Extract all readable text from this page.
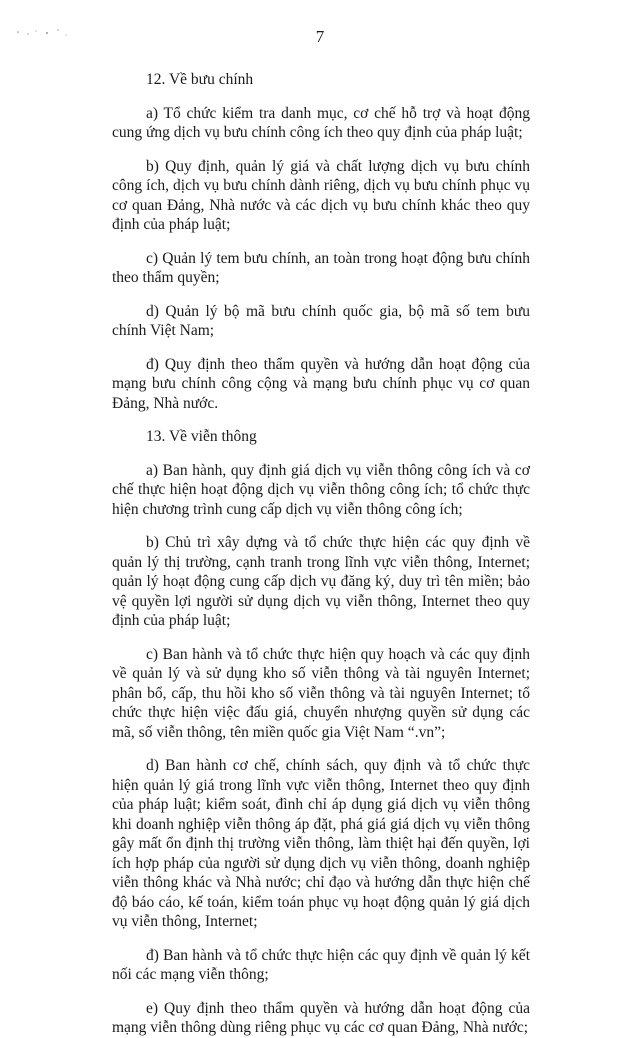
7

12. Về bưu chính

a) Tổ chức kiểm tra danh mục, cơ chế hỗ trợ và hoạt động cung ứng dịch vụ bưu chính công ích theo quy định của pháp luật;

b) Quy định, quản lý giá và chất lượng dịch vụ bưu chính công ích, dịch vụ bưu chính dành riêng, dịch vụ bưu chính phục vụ cơ quan Đảng, Nhà nước và các dịch vụ bưu chính khác theo quy định của pháp luật;

c) Quản lý tem bưu chính, an toàn trong hoạt động bưu chính theo thẩm quyền;

d) Quản lý bộ mã bưu chính quốc gia, bộ mã số tem bưu chính Việt Nam;

đ) Quy định theo thẩm quyền và hướng dẫn hoạt động của mạng bưu chính công cộng và mạng bưu chính phục vụ cơ quan Đảng, Nhà nước.

13. Về viễn thông

a) Ban hành, quy định giá dịch vụ viễn thông công ích và cơ chế thực hiện hoạt động dịch vụ viễn thông công ích; tổ chức thực hiện chương trình cung cấp dịch vụ viễn thông công ích;

b) Chủ trì xây dựng và tổ chức thực hiện các quy định về quản lý thị trường, cạnh tranh trong lĩnh vực viễn thông, Internet; quản lý hoạt động cung cấp dịch vụ đăng ký, duy trì tên miền; bảo vệ quyền lợi người sử dụng dịch vụ viễn thông, Internet theo quy định của pháp luật;

c) Ban hành và tổ chức thực hiện quy hoạch và các quy định về quản lý và sử dụng kho số viễn thông và tài nguyên Internet; phân bổ, cấp, thu hồi kho số viễn thông và tài nguyên Internet; tổ chức thực hiện việc đấu giá, chuyển nhượng quyền sử dụng các mã, số viễn thông, tên miền quốc gia Việt Nam “.vn”;

d) Ban hành cơ chế, chính sách, quy định và tổ chức thực hiện quản lý giá trong lĩnh vực viễn thông, Internet theo quy định của pháp luật; kiểm soát, đình chỉ áp dụng giá dịch vụ viễn thông khi doanh nghiệp viễn thông áp đặt, phá giá giá dịch vụ viễn thông gây mất ổn định thị trường viễn thông, làm thiệt hại đến quyền, lợi ích hợp pháp của người sử dụng dịch vụ viễn thông, doanh nghiệp viễn thông khác và Nhà nước; chỉ đạo và hướng dẫn thực hiện chế độ báo cáo, kế toán, kiểm toán phục vụ hoạt động quản lý giá dịch vụ viễn thông, Internet;

đ) Ban hành và tổ chức thực hiện các quy định về quản lý kết nối các mạng viễn thông;

e) Quy định theo thẩm quyền và hướng dẫn hoạt động của mạng viễn thông dùng riêng phục vụ các cơ quan Đảng, Nhà nước;
